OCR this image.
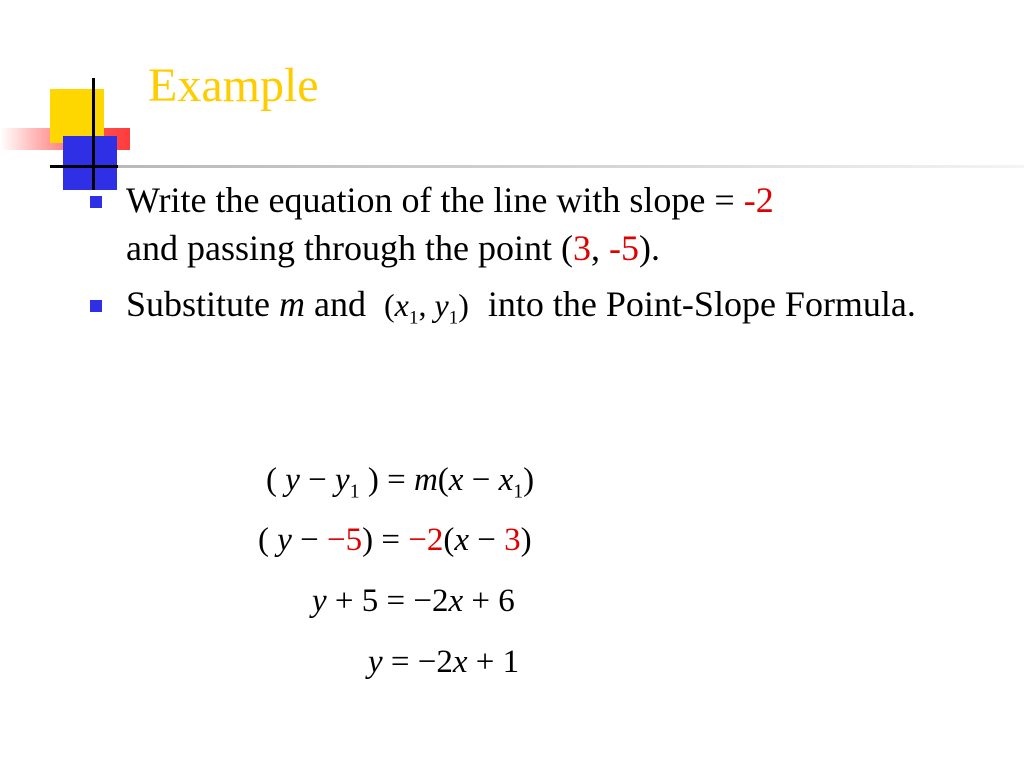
Example
Write the equation of the line with slope = -2
and passing through the point (3, -5).
Substitute m and ($x_1$, $y_1$) into the Point-Slope Formula.
( $y - y_1$ ) = $m(x - x_1)$
( y − −5) = −2(x − 3)
y + 5 = −2x + 6
y = −2x + 1
